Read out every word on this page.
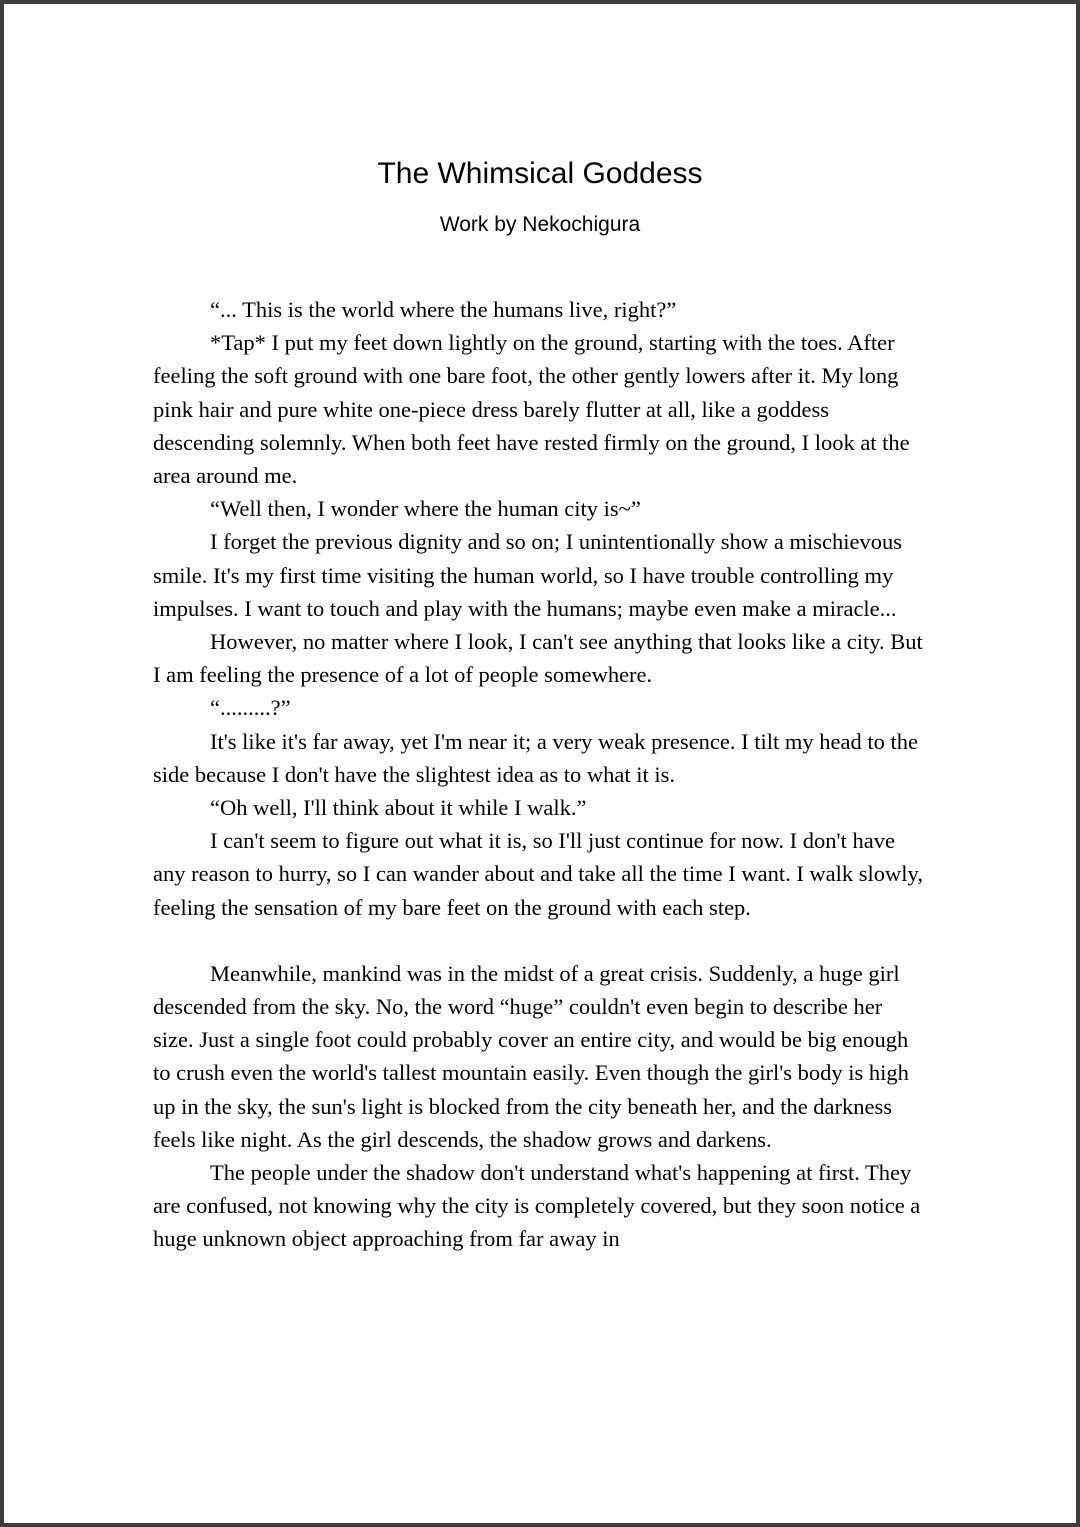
The Whimsical Goddess
Work by Nekochigura

“... This is the world where the humans live, right?”

*Tap* I put my feet down lightly on the ground, starting with the toes. After feeling the soft ground with one bare foot, the other gently lowers after it. My long pink hair and pure white one-piece dress barely flutter at all, like a goddess descending solemnly. When both feet have rested firmly on the ground, I look at the area around me.

“Well then, I wonder where the human city is~”

I forget the previous dignity and so on; I unintentionally show a mischievous smile. It's my first time visiting the human world, so I have trouble controlling my impulses. I want to touch and play with the humans; maybe even make a miracle...

However, no matter where I look, I can't see anything that looks like a city. But I am feeling the presence of a lot of people somewhere.

“.........?”

It's like it's far away, yet I'm near it; a very weak presence. I tilt my head to the side because I don't have the slightest idea as to what it is.

“Oh well, I'll think about it while I walk.”

I can't seem to figure out what it is, so I'll just continue for now. I don't have any reason to hurry, so I can wander about and take all the time I want. I walk slowly, feeling the sensation of my bare feet on the ground with each step.

Meanwhile, mankind was in the midst of a great crisis. Suddenly, a huge girl descended from the sky. No, the word “huge” couldn't even begin to describe her size. Just a single foot could probably cover an entire city, and would be big enough to crush even the world's tallest mountain easily. Even though the girl's body is high up in the sky, the sun's light is blocked from the city beneath her, and the darkness feels like night. As the girl descends, the shadow grows and darkens.

The people under the shadow don't understand what's happening at first. They are confused, not knowing why the city is completely covered, but they soon notice a huge unknown object approaching from far away in
